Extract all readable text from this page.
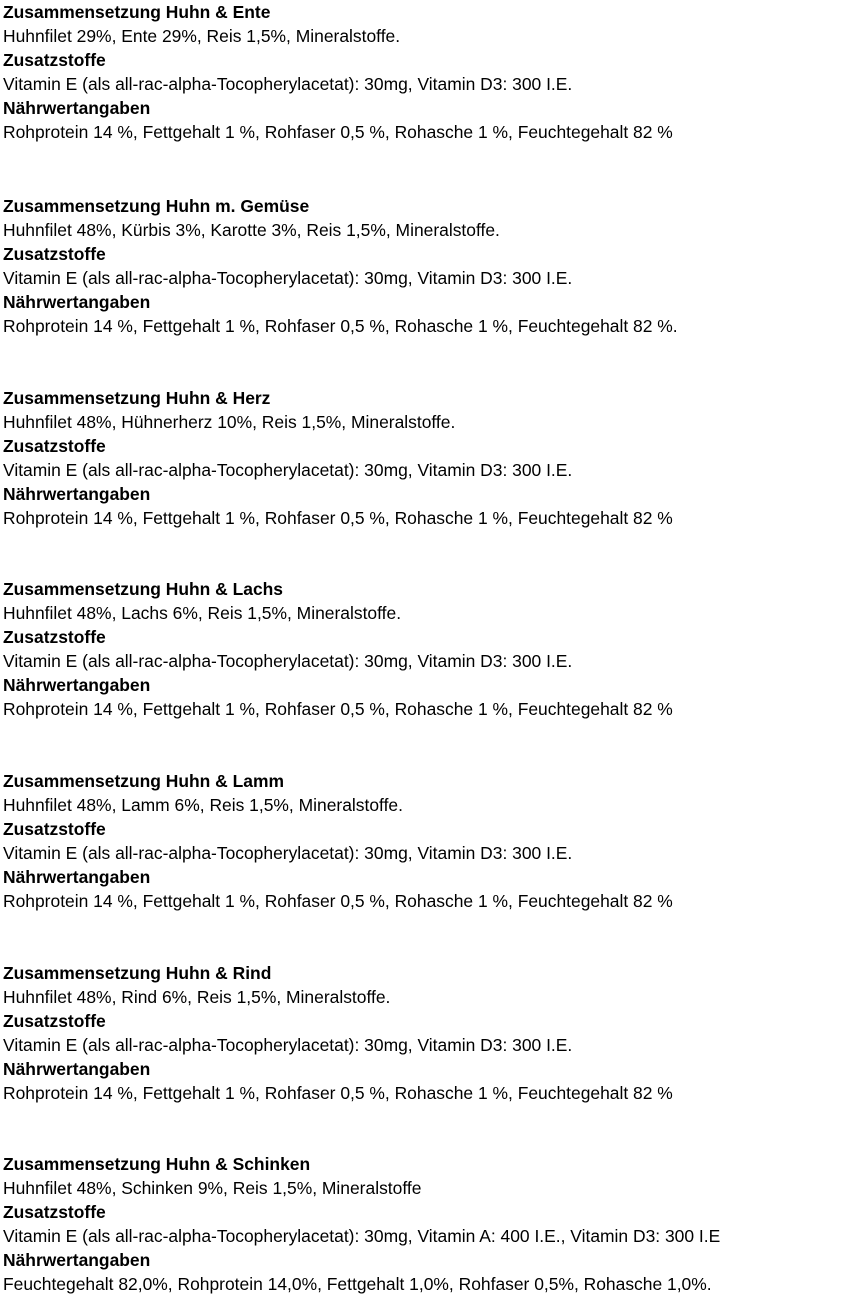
Zusammensetzung Huhn & Ente
Huhnfilet 29%, Ente 29%, Reis 1,5%, Mineralstoffe.
Zusatzstoffe
Vitamin E (als all-rac-alpha-Tocopherylacetat): 30mg, Vitamin D3: 300 I.E.
Nährwertangaben
Rohprotein 14 %, Fettgehalt 1 %, Rohfaser 0,5 %, Rohasche 1 %, Feuchtegehalt 82 %
Zusammensetzung Huhn m. Gemüse
Huhnfilet 48%, Kürbis 3%, Karotte 3%, Reis 1,5%, Mineralstoffe.
Zusatzstoffe
Vitamin E (als all-rac-alpha-Tocopherylacetat): 30mg, Vitamin D3: 300 I.E.
Nährwertangaben
Rohprotein 14 %, Fettgehalt 1 %, Rohfaser 0,5 %, Rohasche 1 %, Feuchtegehalt 82 %.
Zusammensetzung Huhn & Herz
Huhnfilet 48%, Hühnerherz 10%, Reis 1,5%, Mineralstoffe.
Zusatzstoffe
Vitamin E (als all-rac-alpha-Tocopherylacetat): 30mg, Vitamin D3: 300 I.E.
Nährwertangaben
Rohprotein 14 %, Fettgehalt 1 %, Rohfaser 0,5 %, Rohasche 1 %, Feuchtegehalt 82 %
Zusammensetzung Huhn & Lachs
Huhnfilet 48%, Lachs 6%, Reis 1,5%, Mineralstoffe.
Zusatzstoffe
Vitamin E (als all-rac-alpha-Tocopherylacetat): 30mg, Vitamin D3: 300 I.E.
Nährwertangaben
Rohprotein 14 %, Fettgehalt 1 %, Rohfaser 0,5 %, Rohasche 1 %, Feuchtegehalt 82 %
Zusammensetzung Huhn & Lamm
Huhnfilet 48%, Lamm 6%, Reis 1,5%, Mineralstoffe.
Zusatzstoffe
Vitamin E (als all-rac-alpha-Tocopherylacetat): 30mg, Vitamin D3: 300 I.E.
Nährwertangaben
Rohprotein 14 %, Fettgehalt 1 %, Rohfaser 0,5 %, Rohasche 1 %, Feuchtegehalt 82 %
Zusammensetzung Huhn & Rind
Huhnfilet 48%, Rind 6%, Reis 1,5%, Mineralstoffe.
Zusatzstoffe
Vitamin E (als all-rac-alpha-Tocopherylacetat): 30mg, Vitamin D3: 300 I.E.
Nährwertangaben
Rohprotein 14 %, Fettgehalt 1 %, Rohfaser 0,5 %, Rohasche 1 %, Feuchtegehalt 82 %
Zusammensetzung Huhn & Schinken
Huhnfilet 48%, Schinken 9%, Reis 1,5%, Mineralstoffe
Zusatzstoffe
Vitamin E (als all-rac-alpha-Tocopherylacetat): 30mg, Vitamin A: 400 I.E., Vitamin D3: 300 I.E
Nährwertangaben
Feuchtegehalt 82,0%, Rohprotein 14,0%, Fettgehalt 1,0%, Rohfaser 0,5%, Rohasche 1,0%.
